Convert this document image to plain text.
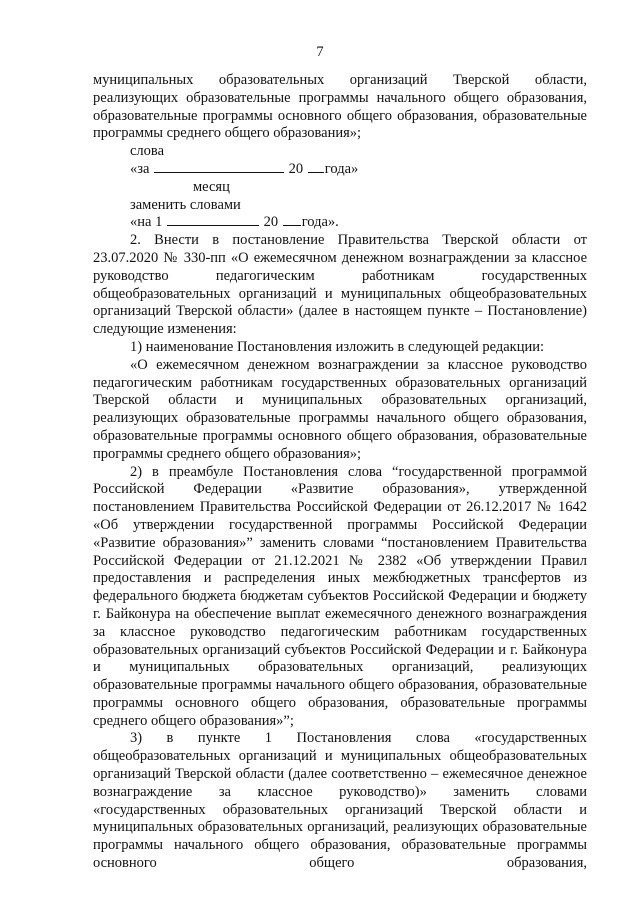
7

муниципальных образовательных организаций Тверской области, реализующих образовательные программы начального общего образования, образовательные программы основного общего образования, образовательные программы среднего общего образования»;

слова

«за	20 года»

месяц

заменить словами

«на 1	20 года».

2. Внести в постановление Правительства Тверской области от 23.07.2020 № 330-пп «О ежемесячном денежном вознаграждении за классное руководство педагогическим работникам государственных общеобразовательных организаций и муниципальных общеобразовательных организаций Тверской области» (далее в настоящем пункте – Постановление) следующие изменения:

1) наименование Постановления изложить в следующей редакции:

«О ежемесячном денежном вознаграждении за классное руководство педагогическим работникам государственных образовательных организаций Тверской области и муниципальных образовательных организаций, реализующих образовательные программы начального общего образования, образовательные программы основного общего образования, образовательные программы среднего общего образования»;

2) в преамбуле Постановления слова “государственной программой Российской Федерации «Развитие образования», утвержденной постановлением Правительства Российской Федерации от 26.12.2017 № 1642 «Об утверждении государственной программы Российской Федерации «Развитие образования»” заменить словами “постановлением Правительства Российской Федерации от 21.12.2021 № 2382 «Об утверждении Правил предоставления и распределения иных межбюджетных трансфертов из федерального бюджета бюджетам субъектов Российской Федерации и бюджету г. Байконура на обеспечение выплат ежемесячного денежного вознаграждения за классное руководство педагогическим работникам государственных образовательных организаций субъектов Российской Федерации и г. Байконура и муниципальных образовательных организаций, реализующих образовательные программы начального общего образования, образовательные программы основного общего образования, образовательные программы среднего общего образования»”;

3) в пункте 1 Постановления слова «государственных общеобразовательных организаций и муниципальных общеобразовательных организаций Тверской области (далее соответственно – ежемесячное денежное вознаграждение за классное руководство)» заменить словами «государственных образовательных организаций Тверской области и муниципальных образовательных организаций, реализующих образовательные программы начального общего образования, образовательные программы основного общего образования,
